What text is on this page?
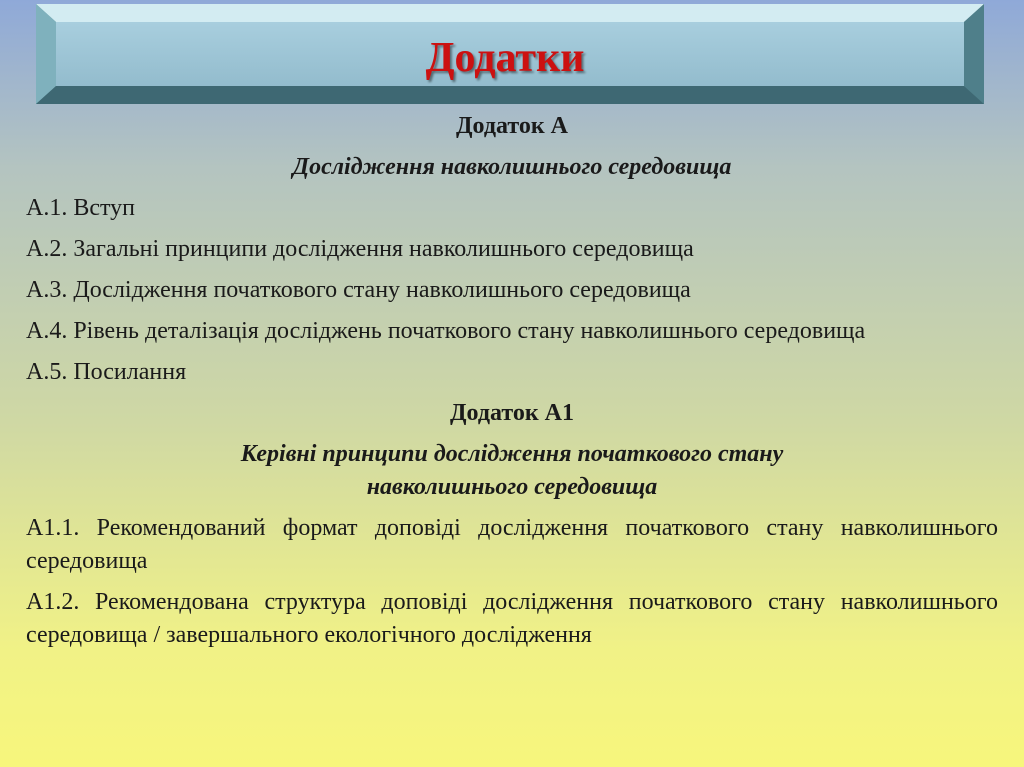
Додатки

Додаток А

Дослідження навколишнього середовища

А.1. Вступ

А.2. Загальні принципи дослідження навколишнього середовища

А.3. Дослідження початкового стану навколишнього середовища

А.4. Рівень деталізація досліджень початкового стану навколишнього середовища

А.5. Посилання

Додаток А1

Керівні принципи дослідження початкового стану

навколишнього середовища

А1.1. Рекомендований формат доповіді дослідження початкового стану навколишнього середовища

А1.2. Рекомендована структура доповіді дослідження початкового стану навколишнього середовища / завершального екологічного дослідження
